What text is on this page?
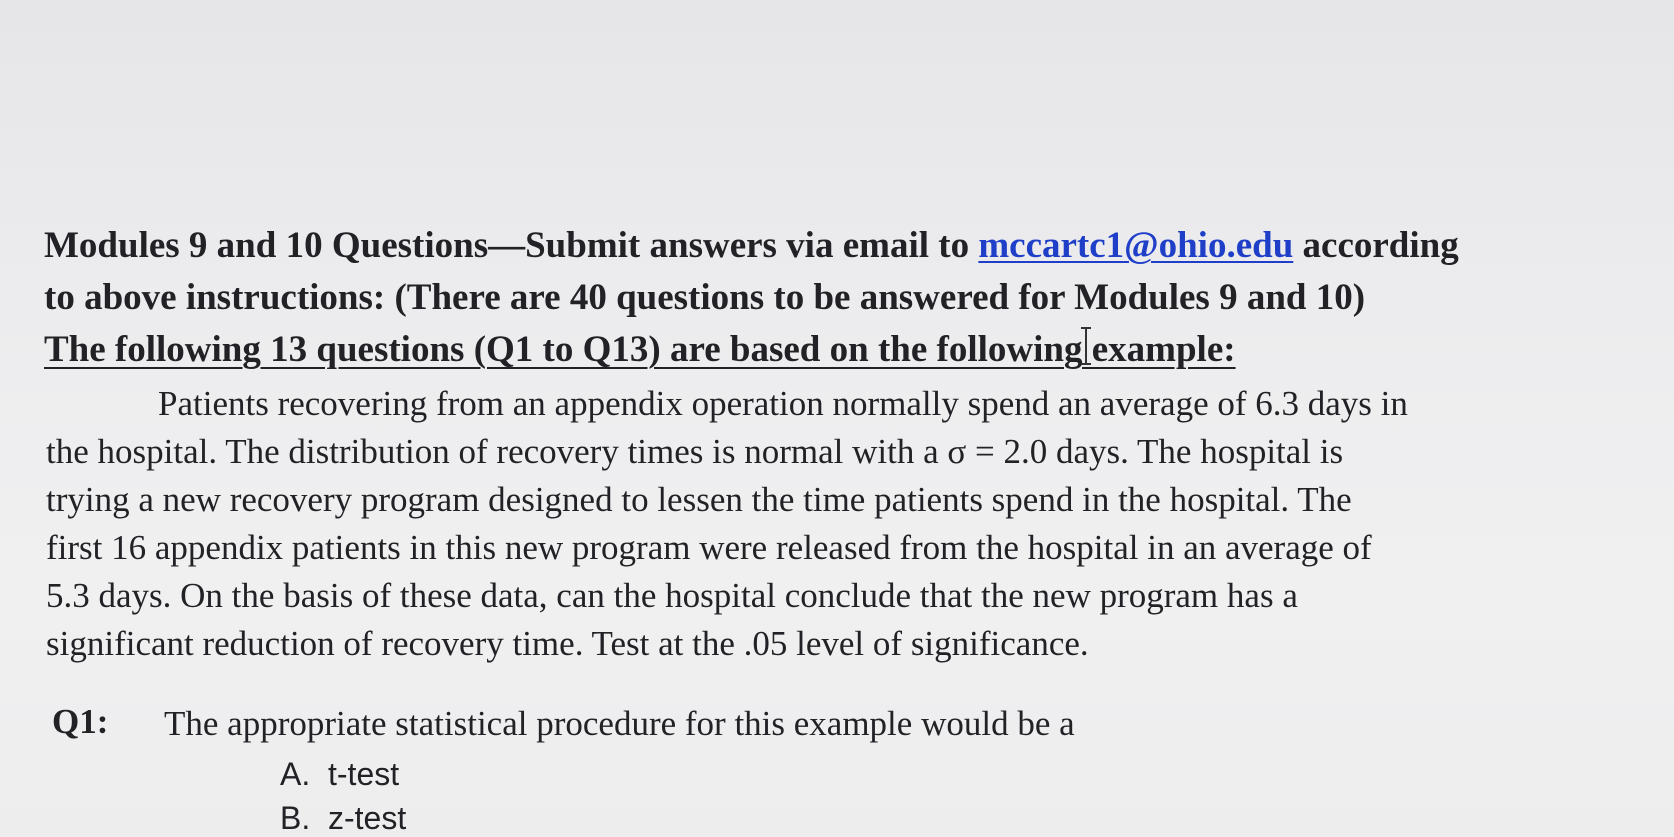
Modules 9 and 10 Questions—Submit answers via email to mccartc1@ohio.edu according
to above instructions: (There are 40 questions to be answered for Modules 9 and 10)
The following 13 questions (Q1 to Q13) are based on the following example:
Patients recovering from an appendix operation normally spend an average of 6.3 days in
the hospital. The distribution of recovery times is normal with a σ = 2.0 days. The hospital is
trying a new recovery program designed to lessen the time patients spend in the hospital. The
first 16 appendix patients in this new program were released from the hospital in an average of
5.3 days. On the basis of these data, can the hospital conclude that the new program has a
significant reduction of recovery time. Test at the .05 level of significance.
Q1: The appropriate statistical procedure for this example would be a
A. t-test
B. z-test
